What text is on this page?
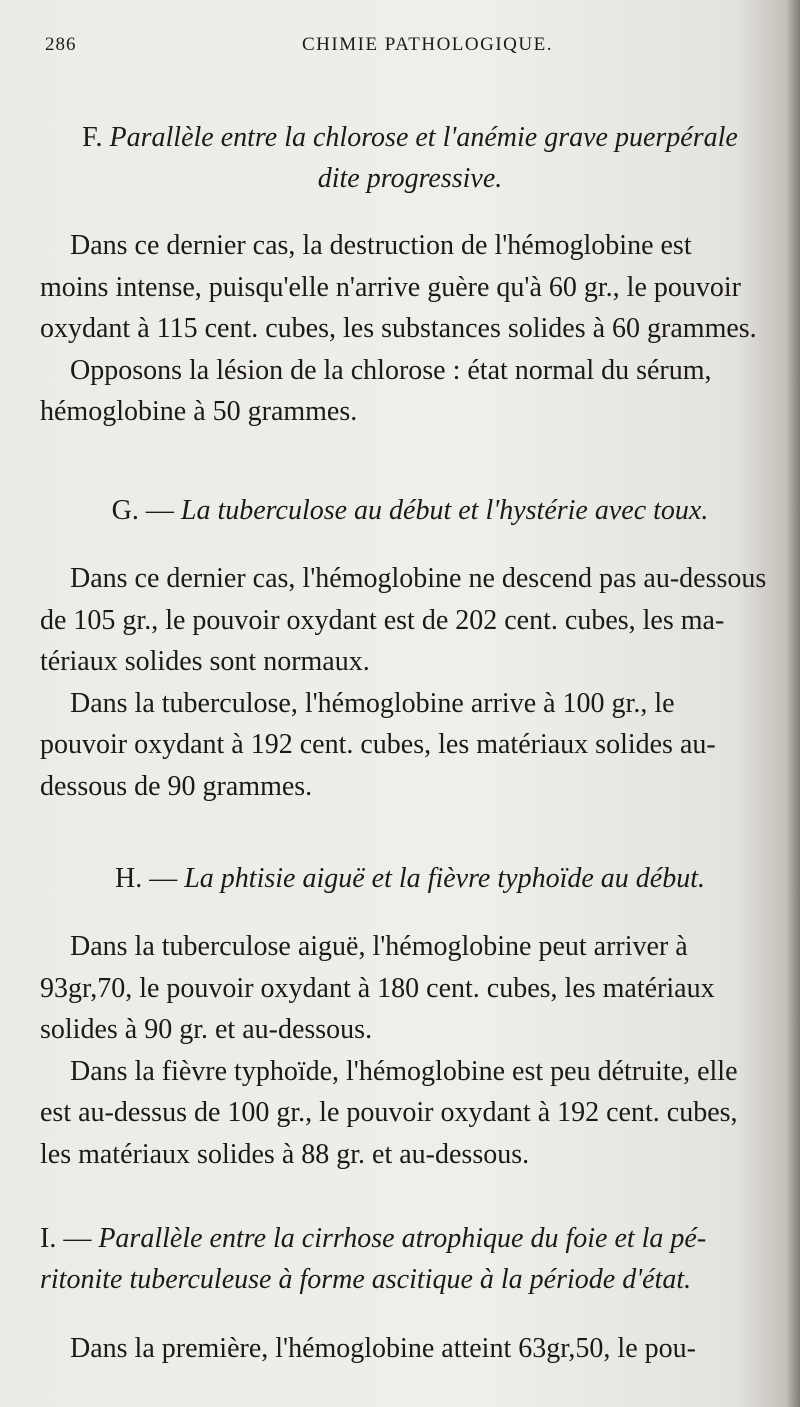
286	CHIMIE PATHOLOGIQUE.
F. Parallèle entre la chlorose et l'anémie grave puerpérale
dite progressive.
Dans ce dernier cas, la destruction de l'hémoglobine est
moins intense, puisqu'elle n'arrive guère qu'à 60 gr., le pouvoir
oxydant à 115 cent. cubes, les substances solides à 60 grammes.
Opposons la lésion de la chlorose : état normal du sérum,
hémoglobine à 50 grammes.
G. — La tuberculose au début et l'hystérie avec toux.
Dans ce dernier cas, l'hémoglobine ne descend pas au-dessous
de 105 gr., le pouvoir oxydant est de 202 cent. cubes, les ma-
tériaux solides sont normaux.
Dans la tuberculose, l'hémoglobine arrive à 100 gr., le
pouvoir oxydant à 192 cent. cubes, les matériaux solides au-
dessous de 90 grammes.
H. — La phtisie aiguë et la fièvre typhoïde au début.
Dans la tuberculose aiguë, l'hémoglobine peut arriver à
93gr,70, le pouvoir oxydant à 180 cent. cubes, les matériaux
solides à 90 gr. et au-dessous.
Dans la fièvre typhoïde, l'hémoglobine est peu détruite, elle
est au-dessus de 100 gr., le pouvoir oxydant à 192 cent. cubes,
les matériaux solides à 88 gr. et au-dessous.
I. — Parallèle entre la cirrhose atrophique du foie et la pé-
ritonite tuberculeuse à forme ascitique à la période d'état.
Dans la première, l'hémoglobine atteint 63gr,50, le pou-
